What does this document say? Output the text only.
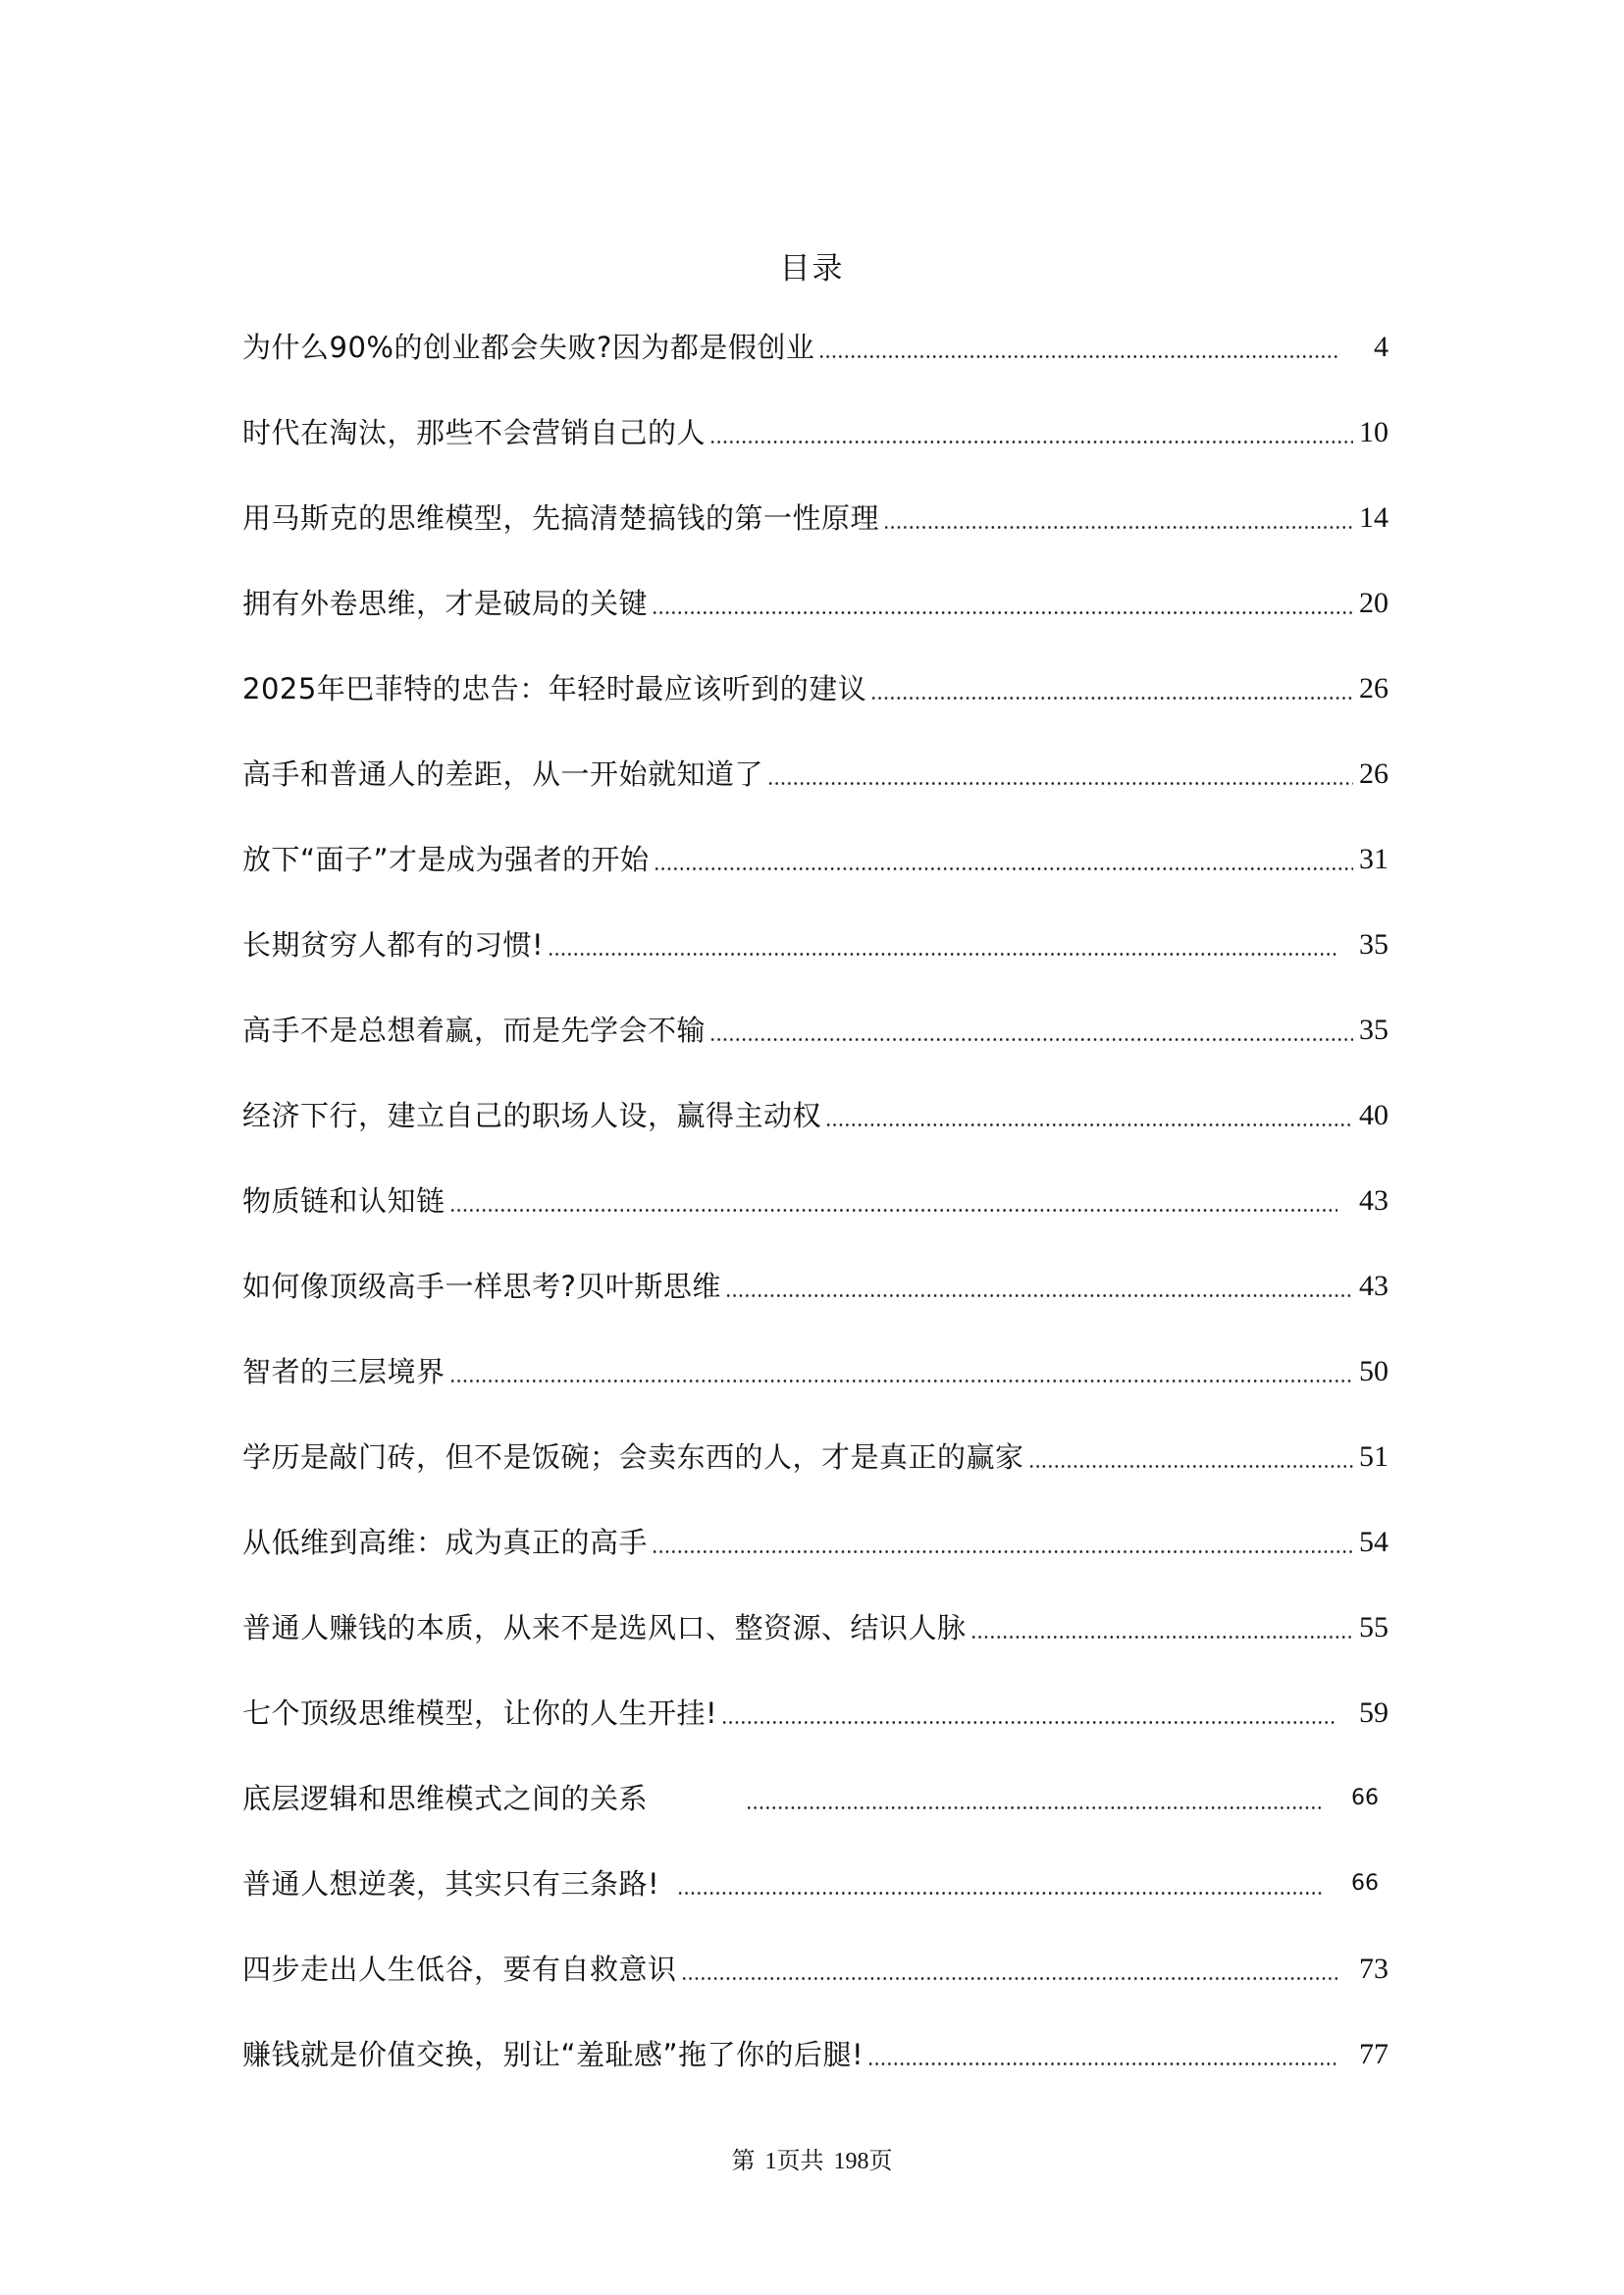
目录
为什么90%的创业都会失败?因为都是假创业	4
时代在淘汰，那些不会营销自己的人	10
用马斯克的思维模型，先搞清楚搞钱的第一性原理	14
拥有外卷思维，才是破局的关键	20
2025年巴菲特的忠告：年轻时最应该听到的建议	26
高手和普通人的差距，从一开始就知道了	26
放下“面子”才是成为强者的开始	31
长期贫穷人都有的习惯!	35
高手不是总想着赢，而是先学会不输	35
经济下行，建立自己的职场人设，赢得主动权	40
物质链和认知链	43
如何像顶级高手一样思考?贝叶斯思维	43
智者的三层境界	50
学历是敲门砖，但不是饭碗；会卖东西的人，才是真正的赢家	51
从低维到高维：成为真正的高手	54
普通人赚钱的本质，从来不是选风口、整资源、结识人脉	55
七个顶级思维模型，让你的人生开挂!	59
底层逻辑和思维模式之间的关系	66
普通人想逆袭，其实只有三条路!	66
四步走出人生低谷，要有自救意识	73
赚钱就是价值交换，别让“羞耻感”拖了你的后腿!	77
第 1页共 198页
